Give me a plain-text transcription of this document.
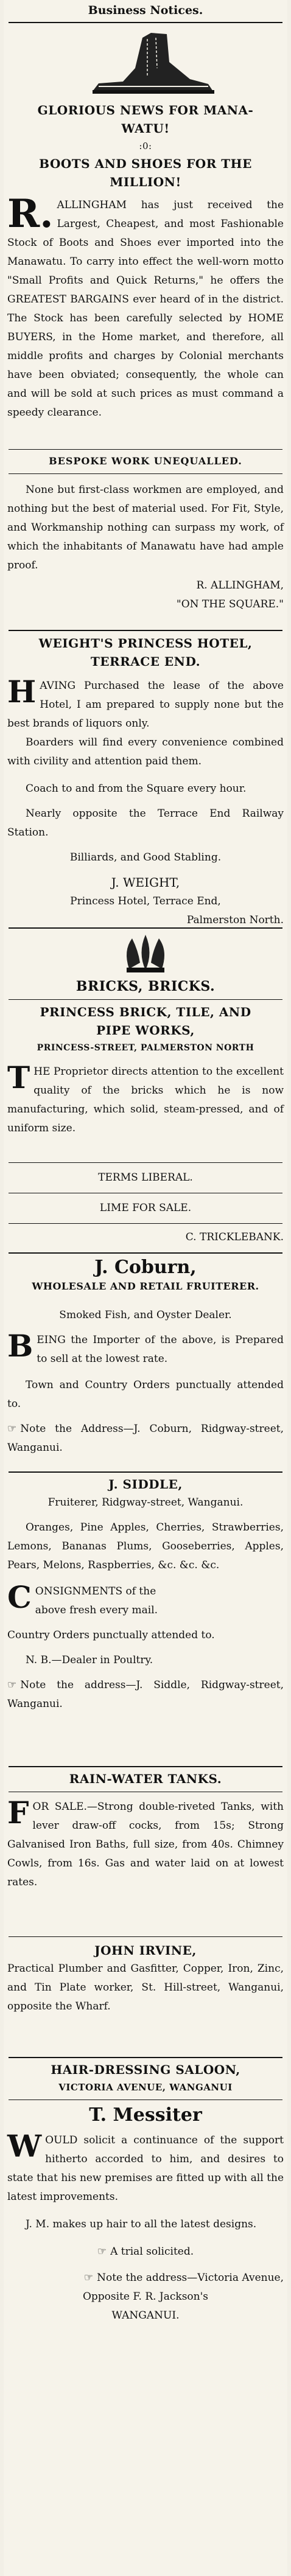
Business Notices.

GLORIOUS NEWS FOR MANA-

WATU!

:0:

BOOTS AND SHOES FOR THE

MILLION!

R. ALLINGHAM has just received the Largest, Cheapest, and most Fashionable Stock of Boots and Shoes ever imported into the Manawatu. To carry into effect the well-worn motto "Small Profits and Quick Returns," he offers the GREATEST BARGAINS ever heard of in the district. The Stock has been carefully selected by HOME BUYERS, in the Home market, and therefore, all middle profits and charges by Colonial merchants have been obviated; consequently, the whole can and will be sold at such prices as must command a speedy clearance.

BESPOKE WORK UNEQUALLED.

None but first-class workmen are employed, and nothing but the best of material used. For Fit, Style, and Workmanship nothing can surpass my work, of which the inhabitants of Manawatu have had ample proof.

R. ALLINGHAM,

"ON THE SQUARE."

WEIGHT'S PRINCESS HOTEL,

TERRACE END.

H AVING Purchased the lease of the above Hotel, I am prepared to supply none but the best brands of liquors only.

Boarders will find every convenience combined with civility and attention paid them.

Coach to and from the Square every hour.

Nearly opposite the Terrace End Railway Station.

Billiards, and Good Stabling.

J. WEIGHT,

Princess Hotel, Terrace End,

Palmerston North.

BRICKS, BRICKS.

PRINCESS BRICK, TILE, AND

PIPE WORKS,

PRINCESS-STREET, PALMERSTON NORTH

T HE Proprietor directs attention to the excellent quality of the bricks which he is now manufacturing, which solid, steam-pressed, and of uniform size.

TERMS LIBERAL.

LIME FOR SALE.

C. TRICKLEBANK.

J. Coburn,

WHOLESALE AND RETAIL FRUITERER.

Smoked Fish, and Oyster Dealer.

B EING the Importer of the above, is Prepared to sell at the lowest rate.

Town and Country Orders punctually attended to.

☞ Note the Address—J. Coburn, Ridgway-street, Wanganui.

J. SIDDLE,

Fruiterer, Ridgway-street, Wanganui.

Oranges, Pine Apples, Cherries, Strawberries, Lemons, Bananas Plums, Gooseberries, Apples, Pears, Melons, Raspberries, &c. &c. &c.

C ONSIGNMENTS of the

above fresh every mail.

Country Orders punctually attended to.

N. B.—Dealer in Poultry.

☞ Note the address—J. Siddle, Ridgway-street, Wanganui.

RAIN-WATER TANKS.

F OR SALE.—Strong double-riveted Tanks, with lever draw-off cocks, from 15s; Strong Galvanised Iron Baths, full size, from 40s. Chimney Cowls, from 16s. Gas and water laid on at lowest rates.

JOHN IRVINE,

Practical Plumber and Gasfitter, Copper, Iron, Zinc, and Tin Plate worker, St. Hill-street, Wanganui, opposite the Wharf.

HAIR-DRESSING SALOON,

VICTORIA AVENUE, WANGANUI

T. Messiter

W OULD solicit a continuance of the support hitherto accorded to him, and desires to state that his new premises are fitted up with all the latest improvements.

J. M. makes up hair to all the latest designs.

☞ A trial solicited.

☞ Note the address—Victoria Avenue,

Opposite F. R. Jackson's

WANGANUI.
